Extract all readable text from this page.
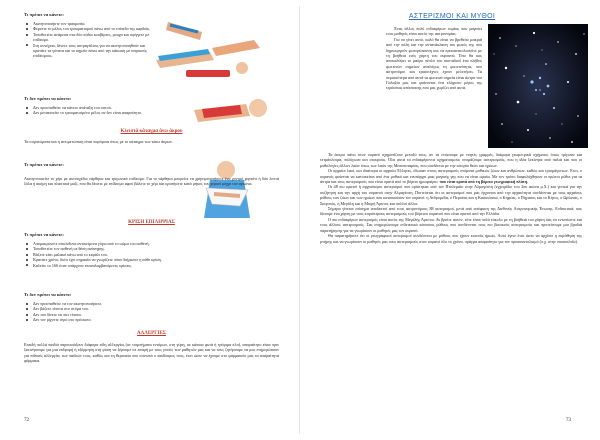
Τι πρέπει να κάνετε:

Ακινητοποιήστε τον τραυματία.
Φέρνετε το μέλος του τραυματισμού πάνω από το επίπεδο της καρδιάς.
Τοποθετείτε ανάμεσα στα δύο πόδια κουβέρτες, ρουχα και σφίγγετε με επίδεσμο.
Στη συνέχεια, δένετε τους αστραγάλους για να ακινητοποιηθούν και κρατάτε τα γόνατα και το σημείο πάνω από την κάκωση με ιατρικούς επιδέσμους.

Τι δεν πρέπει να κάνετε:

Δεν προσπαθείτε να κάνετε ανάταξη του οστού.
Δεν μετακινείτε το τραυματισμένο μέλος αν δεν είναι απαραίτητο.

Κλειστά κάταγμα άνω άκρου

Τα συμπτώματα και η αντιμετώπιση είναι παρόμοια όπως με το κάταγμα των κάτω άκρων.

Τι πρέπει να κάνετε:

Ακινητοποιείτε το χέρι με αυτοσχέδιο νάρθηκα και τριγωνικό επίδεσμο. Για το νάρθηκα μπορείτε να χρησιμοποιήσετε ένα χοντρό χαρτόνι ή δύο λεπτά ξύλα ή ακόμη και πλαστικά μαζί, που θα δέσετε με επίδεσμο αφού βάλετε το χέρι και κρατήσετε κατά μήκος του χεριού μέχρι τον αγκώνα.

ΚΡΙΣΗ ΕΠΙΛΗΨΙΑΣ

Τι πρέπει να κάνετε:

Απομακρύνετε επικίνδυνα αντικείμενα γύρω από το σώμα του ασθενή.
Τοποθετείτε τον ασθενή σε θέση ανάνηψης.
Βάζετε κάτι μαλακό κάτω από το κεφάλι του.
Κρατάτε χρόνο, διότι έχει σημασία να γνωρίζετε πόσο διήρκεσε η κάθε κρίση.
Καλείτε το 166 όταν υπάρχουν επαναλαμβανόμενες κρίσεις.

Τι δεν πρέπει να κάνετε:

Δεν προσπαθείτε να τον ακινητοποιήσετε.
Δεν βάζετε τίποτα στο στόμα του.
Δεν του δίνετε να πιει τίποτα.
Δεν τον ρίχνετε νερό στο πρόσωπο.

ΑΛΛΕΡΓΙΕΣ

Επειδή πολλά παιδιά παρουσιάζουν διάφορα είδη αλλεργίας (σε τσιμπήματα εντόμων, στη γύρη, σε κάποια φυτά ή τρόφιμα κλπ), απαραίτητο είναι πριν ξεκινήσουμε για μια εκδρομή ή εξόρμηση στη φύση να ξέρουμε σε επαφή με τους γονείς των μαθητών μας και να τους ζητήσουμε να μας ενημερώσουν για πιθανές αλλεργίες των παιδιών τους, καθώς και τη θεραπεία που συνιστά ο παιδίατρος τους, έτσι ώστε να έχουμε στο φαρμακείο μας τα απαραίτητα φάρμακα.

72
ΑΣΤΕΡΙΣΜΟΙ ΚΑΙ ΜΥΘΟΙ

Ένας άλλος πολύ ενδιαφέρων τομέας που μαγεύει τους μαθητές είναι αυτός της αστρονομίας.

Για να γίνει αυτό, καλό θα είναι να βρεθείτε μακριά από την πόλη και την αντανάκλαση του φωτός της που δημιουργούν φωτορύπανση και να προσανατολιστείτε με τη βοήθεια ενός χάρτη του ουρανού. Τότε θα σας αποκαλύψει το μαύρο πέπλο του σκοταδιού ένα πλήθος φωτεινών σημείων αναλόγως τη φωτεινότητα, που αστρονόμοι και ερασιτέχνες έχουν μελετήσει. Τα περισσότερα από αυτά τα φωτεινά σημεία είναι άστρα του Γαλαξία μας και φαίνονται ένα ελάχιστο μέρος της τεράστιας απόστασης που μας χωρίζει από αυτά.

Τα άστρα πάνω στον ουρανό σχηματίζουν μεταξύ τους, αν τα ενώσουμε με νοητές γραμμές, διάφορα γεωμετρικά σχήματα, όπως τρίγωνα και τετράπλευρα, πολύγωνα και σταυρούς. Όλα αυτά τα ενδιαφέροντα σχηματισμούς ονομάζουμε αστερισμούς, που η ιδέα ξεκίνησε από παλιά και που οι μυθολογίες άλλων λαών όπως των λαών της Μεσοποταμίας, που συνδέεται με την ιστορία θεών και ηρώων.

Οι αρχαίοι λαοί, και ιδιαίτερα οι αρχαίοι Έλληνες, έδωσαν στους αστερισμούς ονόματα μυθικών ζώων και ανθρώπων, καθώς και τρισμάγιστων. Έτσι, ο ουρανός φαίνεται να κατοικείται από ένα μυθικό και ενυπάρχει μιας μαγικής γης που να είναι ωραία. Με τον τρόπο διαφυλάχθηκαν οι πρώτοι μύθοι για τα άστρα και τους αστερισμούς που είναι ορατά από το βόρειο ημισφαίριο. που είναι ορατά από τη βόρεια γεωγραφική πλάτη.

Οι 48 πιο ορατοί ή αρχαιότεροι αστερισμοί που ορίστηκαν από τον Πτολεμαίο στην Αλμαγέστη (εγχειρίδιο του 2ου αιώνα μ.Χ.) και γενικά για την συζήτηση και την αρχή του ουρανού στην Αλμαγέστη. Πιστεύεται ότι οι αστερισμοί που μας έρχονται από την αρχαιότητα συνδέονται με τους αρχαίους μύθους των ζώων και των ηρώων που κατοικούσαν τον ουρανό: η Ανδρομέδα, ο Περσέας και η Κασσιόπεια, ο Κηφέας, ο Πήγασος και το Κήτος, ο Ωρίωνας, ο Σκορπιός, η Μεγάλη και η Μικρή Άρκτος και πολλοί άλλοι.

Σήμερα γίνεται επίσημα αποδεκτοί από τους αστρονόμους 88 αστερισμοί, μετά από απόφαση της Διεθνούς Αστρονομικής Ένωσης. Ενδεικτικά, σας δίνουμε ένα χάρτη με τους κυριότερους αστερισμούς του βόρειου ουρανού που είναι ορατοί από την Ελλάδα.

Ο πιο ενδιαφέρων αστερισμός είναι αυτός της Μεγάλης Άρκτου. Αν βρείτε αυτόν, τότε είναι πολύ εύκολο με τη βοήθειά του χάρτη σας να εντοπίσετε και τους άλλους αστερισμούς. Σας ενημερώνουμε ενδεικτικά κάποιους μύθους που συνδέονται τους πιο βασικούς αστερισμούς και προτείνουμε μια βραδιά παρατήρησης για να γνωρίσουν οι μαθητές μας τον ουρανό.

Θα παρατηρήσετε ότι οι γεωγραφικοί αστερισμοί συνδέονται με μύθους που έχουν κοινούς ήρωες. Αυτό έγινε έτσι ώστε να αρχίσει η εκμάθηση της μνήμης και να γνωρίσουν οι μαθητές μας τους αστερισμούς στον ουρανό όλο το χρόνο, πράγμα απαραίτητο για τον προσανατολισμό (π.χ. στην ναυσιπλοΐα).

73
